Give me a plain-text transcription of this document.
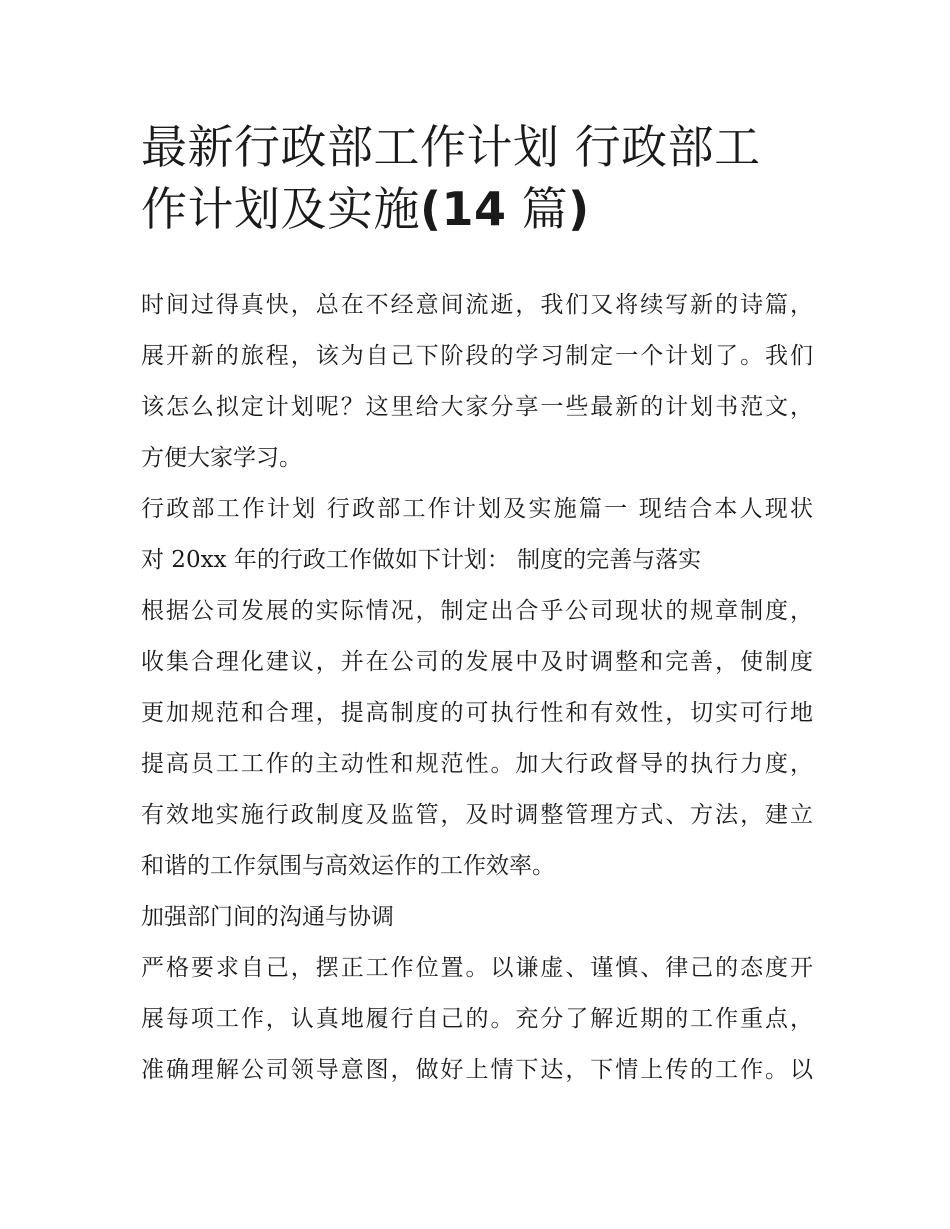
最新行政部工作计划 行政部工
作计划及实施(14 篇)
时间过得真快，总在不经意间流逝，我们又将续写新的诗篇，
展开新的旅程，该为自己下阶段的学习制定一个计划了。我们
该怎么拟定计划呢？这里给大家分享一些最新的计划书范文，
方便大家学习。
行政部工作计划 行政部工作计划及实施篇一 现结合本人现状
对 20xx 年的行政工作做如下计划： 制度的完善与落实
根据公司发展的实际情况，制定出合乎公司现状的规章制度，
收集合理化建议，并在公司的发展中及时调整和完善，使制度
更加规范和合理，提高制度的可执行性和有效性，切实可行地
提高员工工作的主动性和规范性。加大行政督导的执行力度，
有效地实施行政制度及监管，及时调整管理方式、方法，建立
和谐的工作氛围与高效运作的工作效率。
加强部门间的沟通与协调
严格要求自己，摆正工作位置。以谦虚、谨慎、律己的态度开
展每项工作，认真地履行自己的。充分了解近期的工作重点，
准确理解公司领导意图，做好上情下达，下情上传的工作。以
